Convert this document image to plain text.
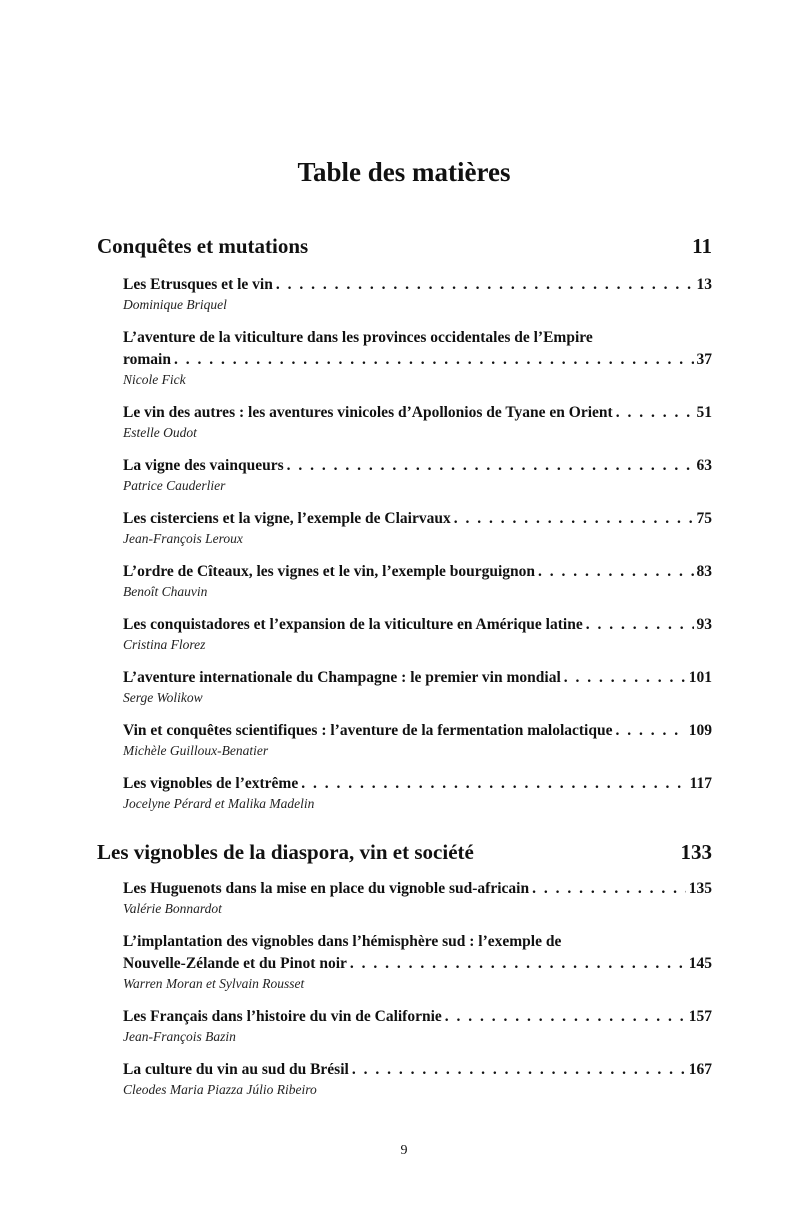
Table des matières
Conquêtes et mutations	11
Les Etrusques et le vin . . .	13
Dominique Briquel
L’aventure de la viticulture dans les provinces occidentales de l’Empire
romain . . .	37
Nicole Fick
Le vin des autres : les aventures vinicoles d’Apollonios de Tyane en Orient . . .	51
Estelle Oudot
La vigne des vainqueurs . . .	63
Patrice Cauderlier
Les cisterciens et la vigne, l’exemple de Clairvaux . . .	75
Jean-François Leroux
L’ordre de Cîteaux, les vignes et le vin, l’exemple bourguignon . . .	83
Benoît Chauvin
Les conquistadores et l’expansion de la viticulture en Amérique latine . . .	93
Cristina Florez
L’aventure internationale du Champagne : le premier vin mondial . . .	101
Serge Wolikow
Vin et conquêtes scientifiques : l’aventure de la fermentation malolactique . . .	109
Michèle Guilloux-Benatier
Les vignobles de l’extrême . . .	117
Jocelyne Pérard et Malika Madelin
Les vignobles de la diaspora, vin et société	133
Les Huguenots dans la mise en place du vignoble sud-africain . . .	135
Valérie Bonnardot
L’implantation des vignobles dans l’hémisphère sud : l’exemple de
Nouvelle-Zélande et du Pinot noir . . .	145
Warren Moran et Sylvain Rousset
Les Français dans l’histoire du vin de Californie . . .	157
Jean-François Bazin
La culture du vin au sud du Brésil . . .	167
Cleodes Maria Piazza Júlio Ribeiro
9
